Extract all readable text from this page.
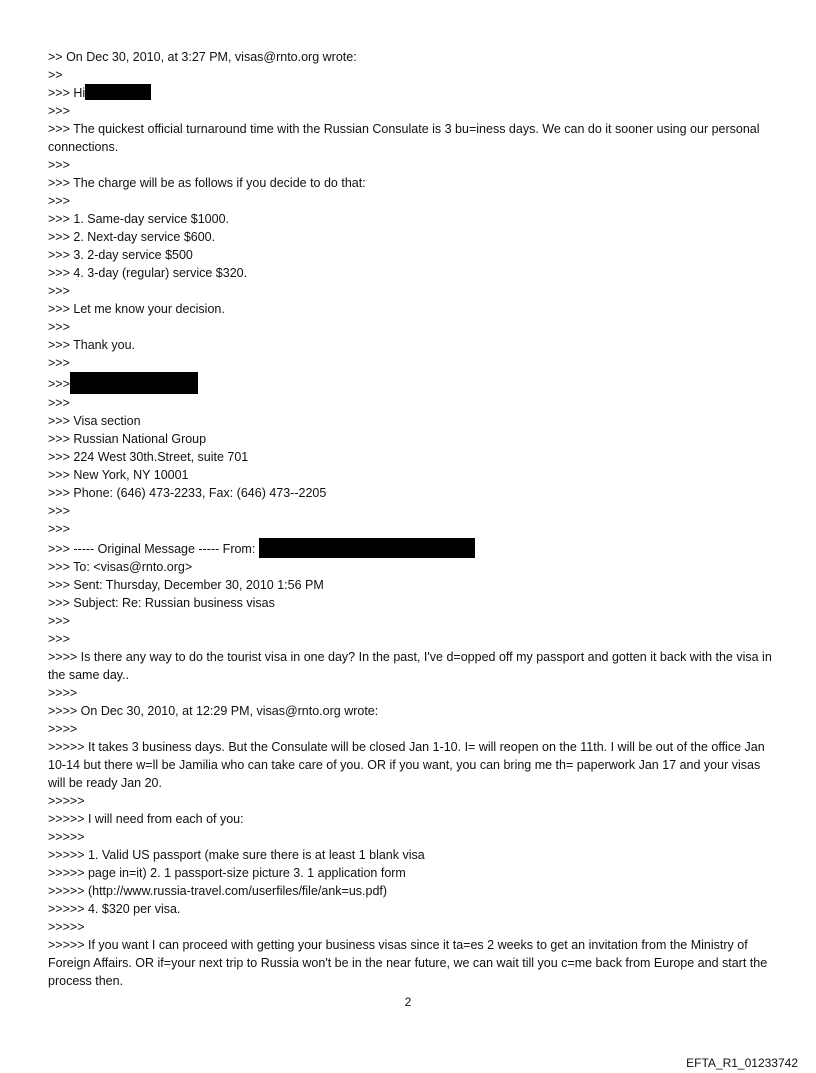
>> On Dec 30, 2010, at 3:27 PM, visas@rnto.org wrote:
>>
>>> Hi
>>>
>>> The quickest official turnaround time with the Russian Consulate is 3 bu=iness days. We can do it sooner using our personal connections.
>>>
>>> The charge will be as follows if you decide to do that:
>>>
>>> 1. Same-day service $1000.
>>> 2. Next-day service $600.
>>> 3. 2-day service $500
>>> 4. 3-day (regular) service $320.
>>>
>>> Let me know your decision.
>>>
>>> Thank you.
>>>
>>>
>>>
>>> Visa section
>>> Russian National Group
>>> 224 West 30th.Street, suite 701
>>> New York, NY 10001
>>> Phone: (646) 473-2233, Fax: (646) 473--2205
>>>
>>>
>>> ----- Original Message ----- From:
>>> To: <visas@rnto.org>
>>> Sent: Thursday, December 30, 2010 1:56 PM
>>> Subject: Re: Russian business visas
>>>
>>>
>>>> Is there any way to do the tourist visa in one day? In the past, I've d=opped off my passport and gotten it back with the visa in the same day..
>>>>
>>>> On Dec 30, 2010, at 12:29 PM, visas@rnto.org wrote:
>>>>
>>>>> It takes 3 business days. But the Consulate will be closed Jan 1-10. I= will reopen on the 11th. I will be out of the office Jan 10-14 but there w=ll be Jamilia who can take care of you. OR if you want, you can bring me th= paperwork Jan 17 and your visas will be ready Jan 20.
>>>>>
>>>>> I will need from each of you:
>>>>>
>>>>> 1. Valid US passport (make sure there is at least 1 blank visa
>>>>> page in=it) 2. 1 passport-size picture 3. 1 application form
>>>>> (http://www.russia-travel.com/userfiles/file/ank=us.pdf)
>>>>> 4. $320 per visa.
>>>>>
>>>>> If you want I can proceed with getting your business visas since it ta=es 2 weeks to get an invitation from the Ministry of Foreign Affairs. OR if=your next trip to Russia won't be in the near future, we can wait till you c=me back from Europe and start the process then.
2
EFTA_R1_01233742
